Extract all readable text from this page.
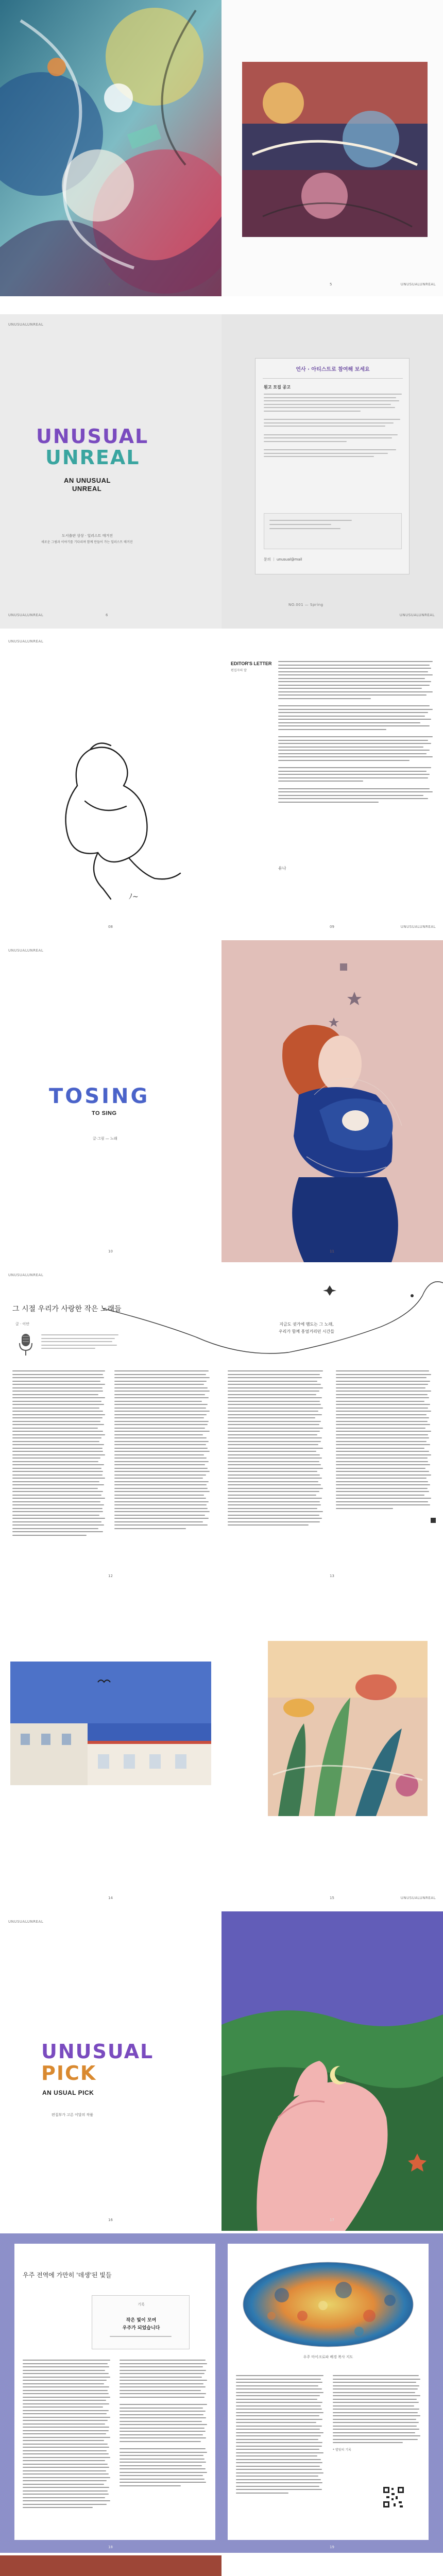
5	UNUSUALUNREAL
4
UNUSUALUNREAL
UNUSUAL
UNREAL
AN UNUSUAL
UNREAL
도서출판 상상 · 일러스트 매거진
새로운 그림과 이야기를 기다리며 함께 만들어 가는 일러스트 매거진
UNUSUALUNREAL	6
언사 · 아티스트로 참여해 보세요
원고 모집 공고
문의 ｜ unusual@mail
NO.001 — Spring
UNUSUALUNREAL
UNUSUALUNREAL
ﾉ~
08
EDITOR'S LETTER
편집자의 말
유나
09	UNUSUALUNREAL
UNUSUALUNREAL
TOSING
TO SING
글·그림 — 노래
10	11
UNUSUALUNREAL
그 시절 우리가 사랑한 작은 노래들
글 · 이안
12
지금도 귓가에 맴도는 그 노래,
우리가 함께 흥얼거리던 시간들
13
14	15	UNUSUALUNREAL
UNUSUALUNREAL
UNUSUAL
PICK
AN USUAL PICK
편집부가 고른 이달의 작품
16	17
우주 전역에 가만히 '데생'된 빛들
기록
작은 빛이 모여
우주가 되었습니다
18
우주 마이크로파 배경 복사 지도
* 별빛의 기록
19
